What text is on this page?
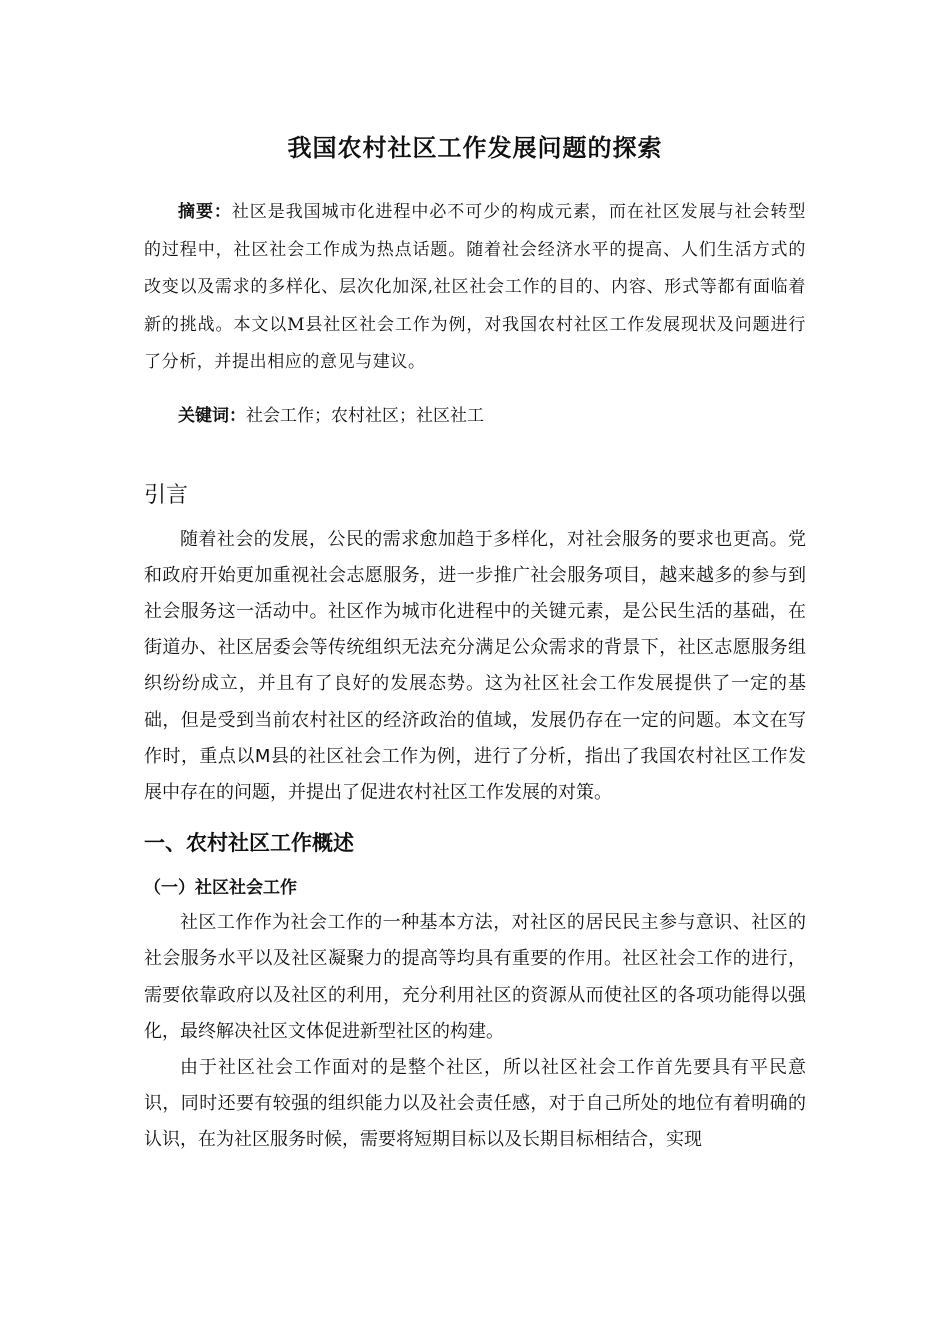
我国农村社区工作发展问题的探索

摘要：社区是我国城市化进程中必不可少的构成元素，而在社区发展与社会转型的过程中，社区社会工作成为热点话题。随着社会经济水平的提高、人们生活方式的改变以及需求的多样化、层次化加深,社区社会工作的目的、内容、形式等都有面临着新的挑战。本文以M县社区社会工作为例，对我国农村社区工作发展现状及问题进行了分析，并提出相应的意见与建议。

关键词：社会工作；农村社区；社区社工

引言

随着社会的发展，公民的需求愈加趋于多样化，对社会服务的要求也更高。党和政府开始更加重视社会志愿服务，进一步推广社会服务项目，越来越多的参与到社会服务这一活动中。社区作为城市化进程中的关键元素，是公民生活的基础，在街道办、社区居委会等传统组织无法充分满足公众需求的背景下，社区志愿服务组织纷纷成立，并且有了良好的发展态势。这为社区社会工作发展提供了一定的基础，但是受到当前农村社区的经济政治的值域，发展仍存在一定的问题。本文在写作时，重点以M县的社区社会工作为例，进行了分析，指出了我国农村社区工作发展中存在的问题，并提出了促进农村社区工作发展的对策。

一、农村社区工作概述
（一）社区社会工作

社区工作作为社会工作的一种基本方法，对社区的居民民主参与意识、社区的社会服务水平以及社区凝聚力的提高等均具有重要的作用。社区社会工作的进行，需要依靠政府以及社区的利用，充分利用社区的资源从而使社区的各项功能得以强化，最终解决社区文体促进新型社区的构建。

由于社区社会工作面对的是整个社区，所以社区社会工作首先要具有平民意识，同时还要有较强的组织能力以及社会责任感，对于自己所处的地位有着明确的认识，在为社区服务时候，需要将短期目标以及长期目标相结合，实现
